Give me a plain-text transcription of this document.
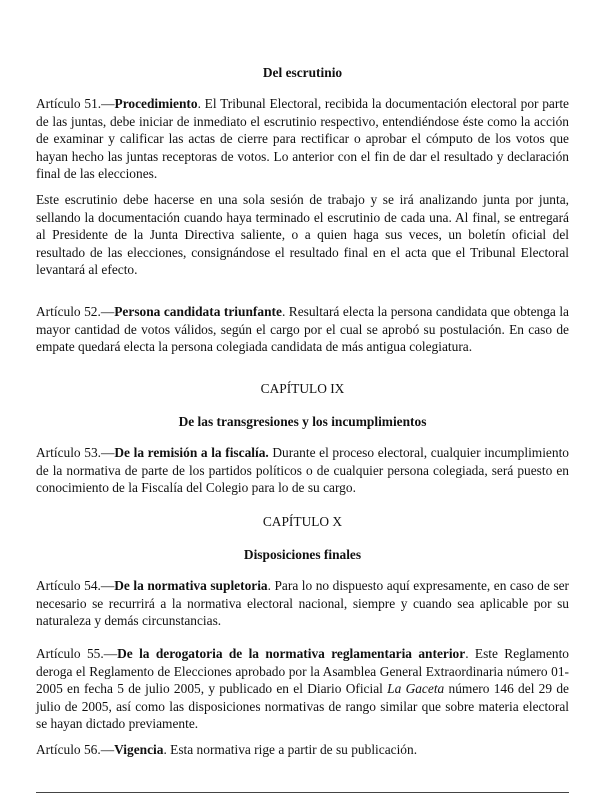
Del escrutinio

Artículo 51.—Procedimiento. El Tribunal Electoral, recibida la documentación electoral por parte de las juntas, debe iniciar de inmediato el escrutinio respectivo, entendiéndose éste como la acción de examinar y calificar las actas de cierre para rectificar o aprobar el cómputo de los votos que hayan hecho las juntas receptoras de votos. Lo anterior con el fin de dar el resultado y declaración final de las elecciones.

Este escrutinio debe hacerse en una sola sesión de trabajo y se irá analizando junta por junta, sellando la documentación cuando haya terminado el escrutinio de cada una. Al final, se entregará al Presidente de la Junta Directiva saliente, o a quien haga sus veces, un boletín oficial del resultado de las elecciones, consignándose el resultado final en el acta que el Tribunal Electoral levantará al efecto.

Artículo 52.—Persona candidata triunfante. Resultará electa la persona candidata que obtenga la mayor cantidad de votos válidos, según el cargo por el cual se aprobó su postulación. En caso de empate quedará electa la persona colegiada candidata de más antigua colegiatura.

CAPÍTULO IX
De las transgresiones y los incumplimientos

Artículo 53.—De la remisión a la fiscalía. Durante el proceso electoral, cualquier incumplimiento de la normativa de parte de los partidos políticos o de cualquier persona colegiada, será puesto en conocimiento de la Fiscalía del Colegio para lo de su cargo.

CAPÍTULO X
Disposiciones finales

Artículo 54.—De la normativa supletoria. Para lo no dispuesto aquí expresamente, en caso de ser necesario se recurrirá a la normativa electoral nacional, siempre y cuando sea aplicable por su naturaleza y demás circunstancias.

Artículo 55.—De la derogatoria de la normativa reglamentaria anterior. Este Reglamento deroga el Reglamento de Elecciones aprobado por la Asamblea General Extraordinaria número 01-2005 en fecha 5 de julio 2005, y publicado en el Diario Oficial La Gaceta número 146 del 29 de julio de 2005, así como las disposiciones normativas de rango similar que sobre materia electoral se hayan dictado previamente.

Artículo 56.—Vigencia. Esta normativa rige a partir de su publicación.
